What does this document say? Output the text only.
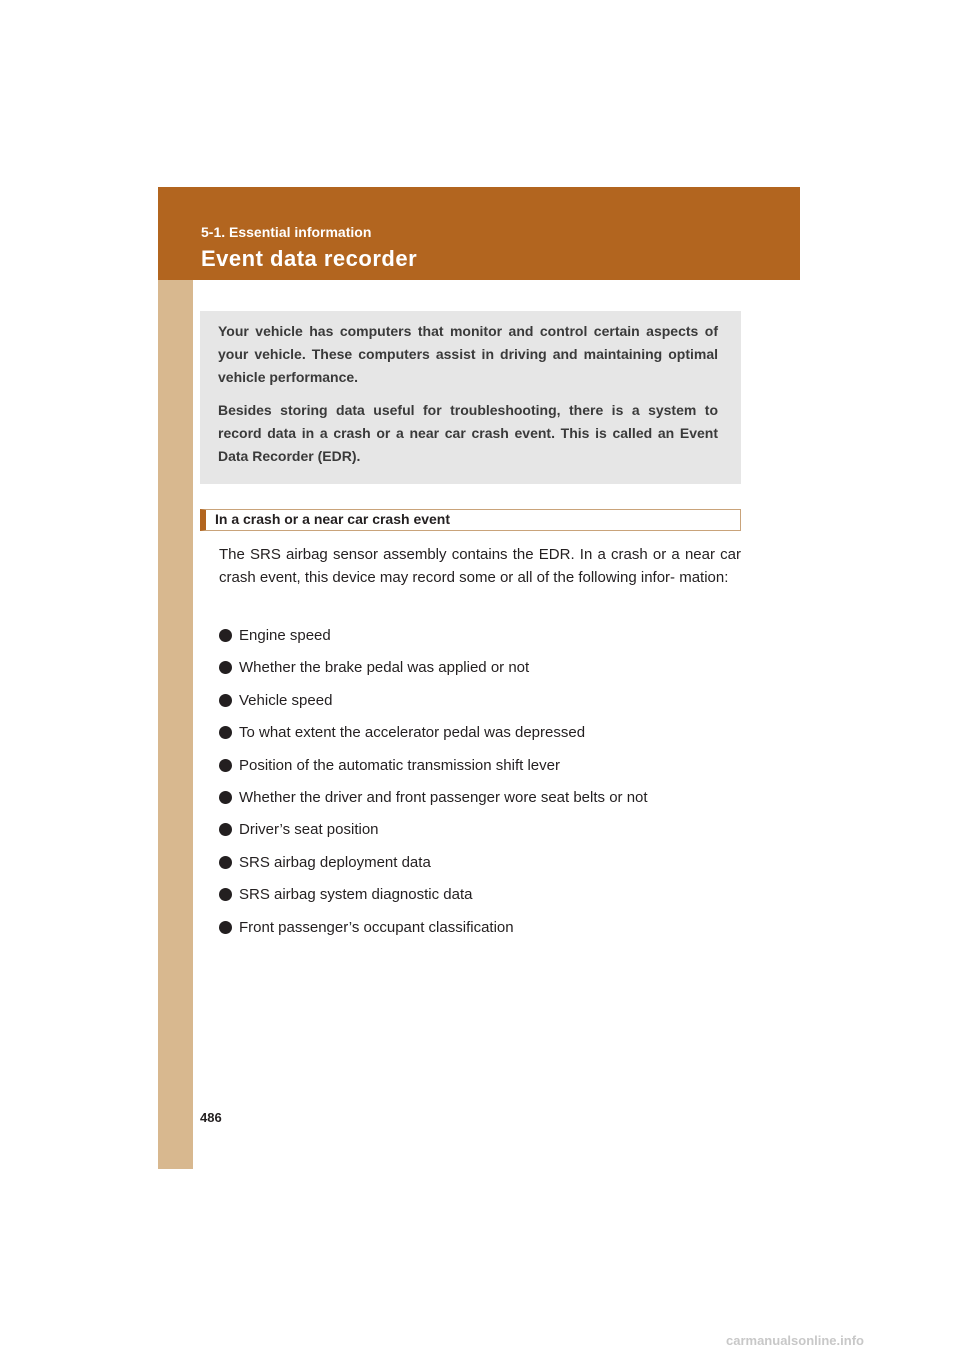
5-1. Essential information
Event data recorder

Your vehicle has computers that monitor and control certain aspects of your vehicle. These computers assist in driving and maintaining optimal vehicle performance.

Besides storing data useful for troubleshooting, there is a system to record data in a crash or a near car crash event. This is called an Event Data Recorder (EDR).

In a crash or a near car crash event

The SRS airbag sensor assembly contains the EDR. In a crash or a near car crash event, this device may record some or all of the following infor- mation:

Engine speed
Whether the brake pedal was applied or not
Vehicle speed
To what extent the accelerator pedal was depressed
Position of the automatic transmission shift lever
Whether the driver and front passenger wore seat belts or not
Driver’s seat position
SRS airbag deployment data
SRS airbag system diagnostic data
Front passenger’s occupant classification
486
carmanualsonline.info
